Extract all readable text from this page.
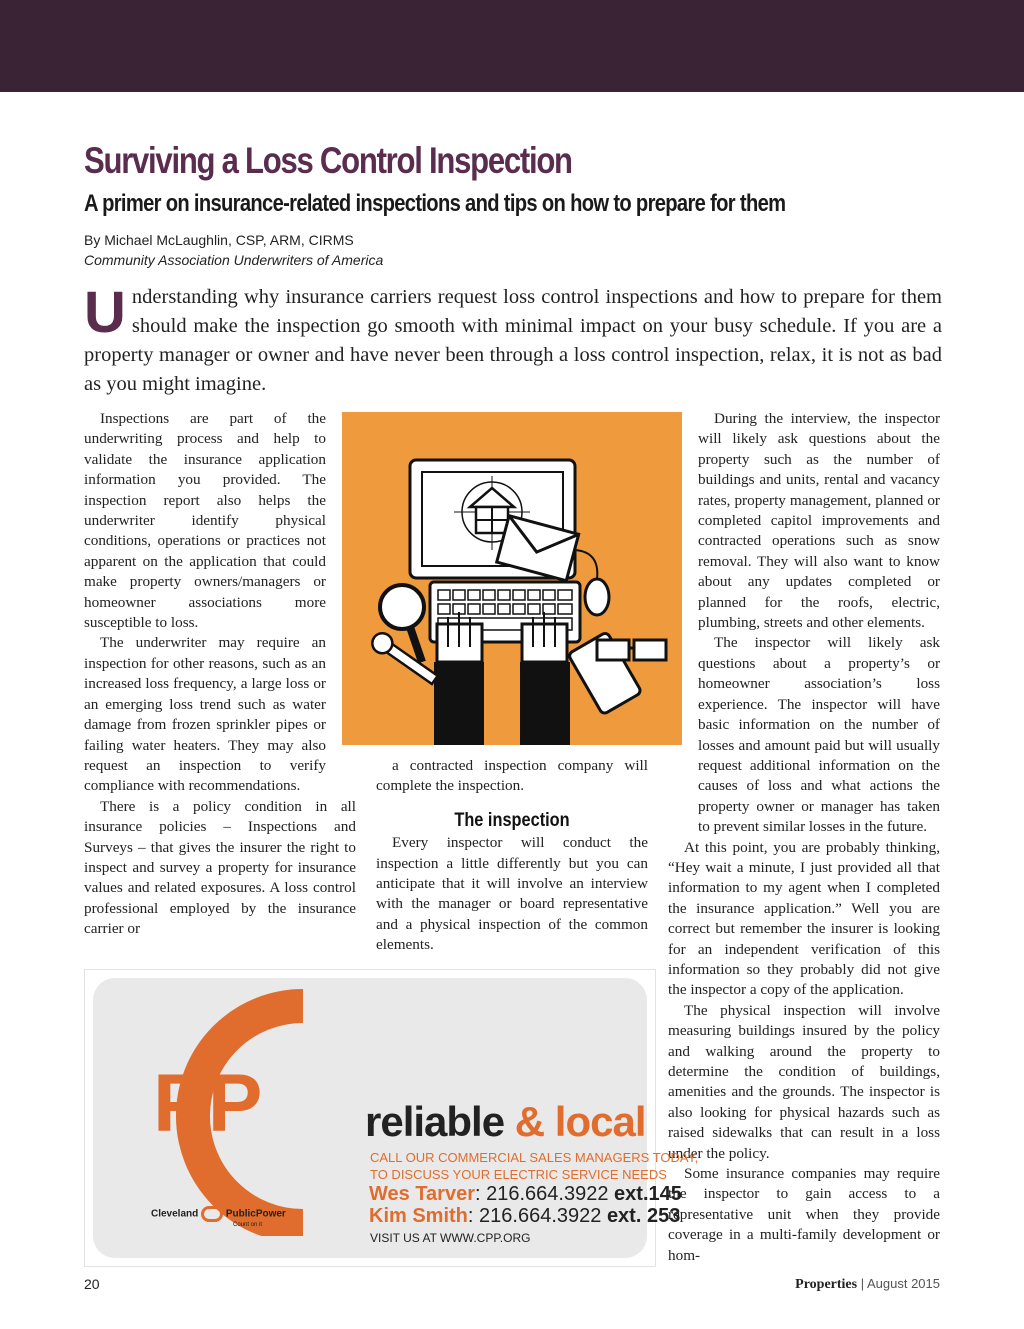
Surviving a Loss Control Inspection
A primer on insurance-related inspections and tips on how to prepare for them
By Michael McLaughlin, CSP, ARM, CIRMS
Community Association Underwriters of America
Understanding why insurance carriers request loss control inspections and how to prepare for them should make the inspection go smooth with minimal impact on your busy schedule. If you are a property manager or owner and have never been through a loss control inspection, relax, it is not as bad as you might imagine.

Inspections are part of the underwriting process and help to validate the insurance application information you provided. The inspection report also helps the underwriter identify physical conditions, operations or practices not apparent on the application that could make property owners/managers or homeowner associations more susceptible to loss.

The underwriter may require an inspection for other reasons, such as an increased loss frequency, a large loss or an emerging loss trend such as water damage from frozen sprinkler pipes or failing water heaters. They may also request an inspection to verify compliance with recommendations.

There is a policy condition in all insurance policies – Inspections and Surveys – that gives the insurer the right to inspect and survey a property for insurance values and related exposures. A loss control professional employed by the insurance carrier or

a contracted inspection company will complete the inspection.

The inspection

Every inspector will conduct the inspection a little differently but you can anticipate that it will involve an interview with the manager or board representative and a physical inspection of the common elements.

During the interview, the inspector will likely ask questions about the property such as the number of buildings and units, rental and vacancy rates, property management, planned or completed capitol improvements and contracted operations such as snow removal. They will also want to know about any updates completed or planned for the roofs, electric, plumbing, streets and other elements.

The inspector will likely ask questions about a property’s or homeowner association’s loss experience. The inspector will have basic information on the number of losses and amount paid but will usually request additional information on the causes of loss and what actions the property owner or manager has taken to prevent similar losses in the future.

At this point, you are probably thinking, “Hey wait a minute, I just provided all that information to my agent when I completed the insurance application.” Well you are correct but remember the insurer is looking for an independent verification of this information so they probably did not give the inspector a copy of the application.

The physical inspection will involve measuring buildings insured by the policy and walking around the property to determine the condition of buildings, amenities and the grounds. The inspector is also looking for physical hazards such as raised sidewalks that can result in a loss under the policy.

Some insurance companies may require the inspector to gain access to a representative unit when they provide coverage in a multi-family development or hom-

PP reliable & local
CALL OUR COMMERCIAL SALES MANAGERS TODAY,
TO DISCUSS YOUR ELECTRIC SERVICE NEEDS
Wes Tarver: 216.664.3922 ext.145
Kim Smith: 216.664.3922 ext. 253
VISIT US AT WWW.CPP.ORG
Cleveland	PublicPower
Count on it
20	Properties | August 2015
